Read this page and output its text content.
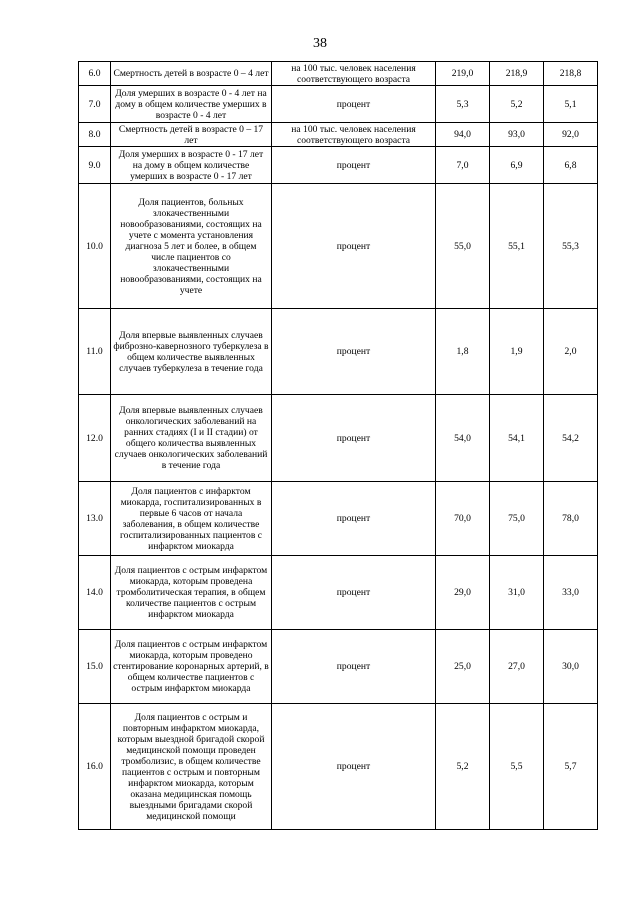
38
6.0	Смертность детей в возрасте 0 – 4 лет	на 100 тыс. человек населения соответствующего возраста	219,0	218,9	218,8
7.0	Доля умерших в возрасте 0 - 4 лет на дому в общем количестве умерших в возрасте 0 - 4 лет	процент	5,3	5,2	5,1
8.0	Смертность детей в возрасте 0 – 17 лет	на 100 тыс. человек населения соответствующего возраста	94,0	93,0	92,0
9.0	Доля умерших в возрасте 0 - 17 лет на дому в общем количестве умерших в возрасте 0 - 17 лет	процент	7,0	6,9	6,8
10.0	Доля пациентов, больных злокачественными новообразованиями, состоящих на учете с момента установления диагноза 5 лет и более, в общем числе пациентов со злокачественными новообразованиями, состоящих на учете	процент	55,0	55,1	55,3
11.0	Доля впервые выявленных случаев фиброзно-кавернозного туберкулеза в общем количестве выявленных случаев туберкулеза в течение года	процент	1,8	1,9	2,0
12.0	Доля впервые выявленных случаев онкологических заболеваний на ранних стадиях (I и II стадии) от общего количества выявленных случаев онкологических заболеваний в течение года	процент	54,0	54,1	54,2
13.0	Доля пациентов с инфарктом миокарда, госпитализированных в первые 6 часов от начала заболевания, в общем количестве госпитализированных пациентов с инфарктом миокарда	процент	70,0	75,0	78,0
14.0	Доля пациентов с острым инфарктом миокарда, которым проведена тромболитическая терапия, в общем количестве пациентов с острым инфарктом миокарда	процент	29,0	31,0	33,0
15.0	Доля пациентов с острым инфарктом миокарда, которым проведено стентирование коронарных артерий, в общем количестве пациентов с острым инфарктом миокарда	процент	25,0	27,0	30,0
16.0	Доля пациентов с острым и повторным инфарктом миокарда, которым выездной бригадой скорой медицинской помощи проведен тромболизис, в общем количестве пациентов с острым и повторным инфарктом миокарда, которым оказана медицинская помощь выездными бригадами скорой медицинской помощи	процент	5,2	5,5	5,7
